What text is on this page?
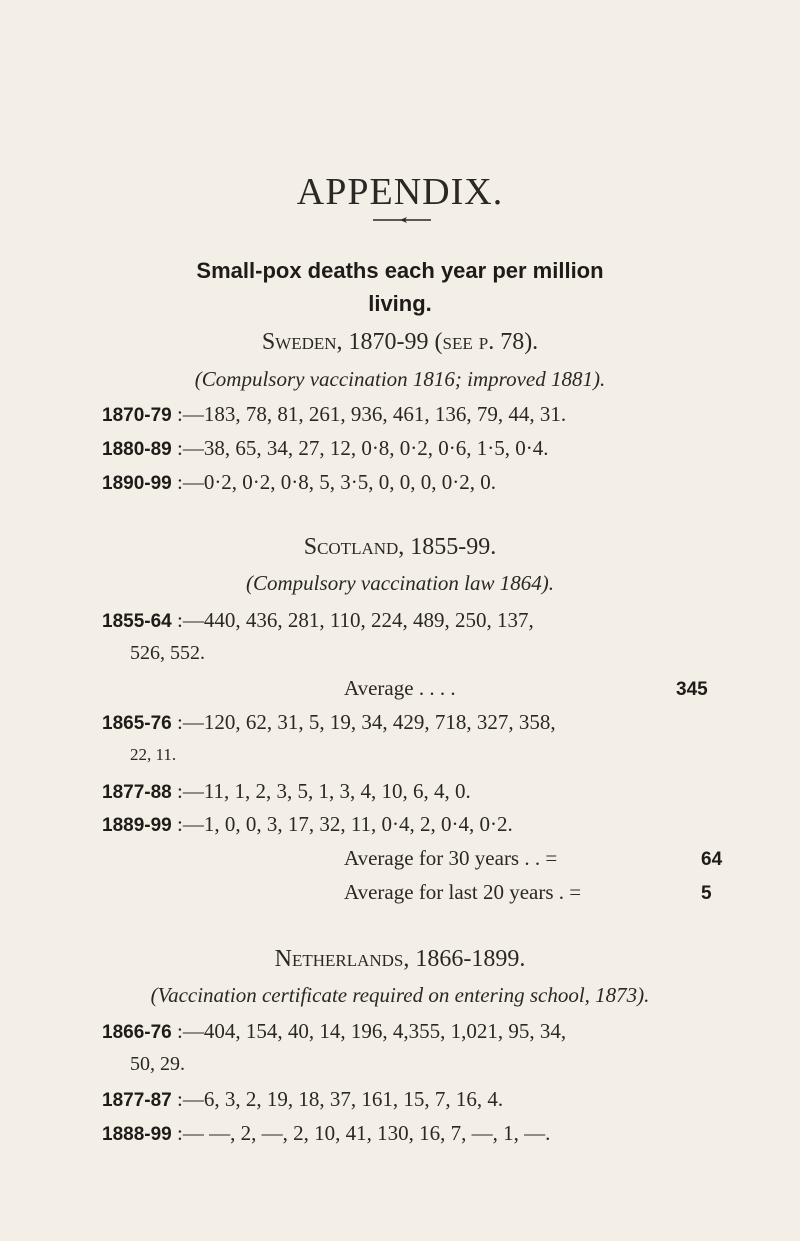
APPENDIX.
Small-pox deaths each year per million
living.
Sweden, 1870-99 (see p. 78).
(Compulsory vaccination 1816; improved 1881).
1870-79 :—183, 78, 81, 261, 936, 461, 136, 79, 44, 31.
1880-89 :—38, 65, 34, 27, 12, 0·8, 0·2, 0·6, 1·5, 0·4.
1890-99 :—0·2, 0·2, 0·8, 5, 3·5, 0, 0, 0, 0·2, 0.
Scotland, 1855-99.
(Compulsory vaccination law 1864).
1855-64 :—440, 436, 281, 110, 224, 489, 250, 137,
526, 552.
Average . . . .	345
1865-76 :—120, 62, 31, 5, 19, 34, 429, 718, 327, 358,
22, 11.
1877-88 :—11, 1, 2, 3, 5, 1, 3, 4, 10, 6, 4, 0.
1889-99 :—1, 0, 0, 3, 17, 32, 11, 0·4, 2, 0·4, 0·2.
Average for 30 years . . =	64
Average for last 20 years . =	5
Netherlands, 1866-1899.
(Vaccination certificate required on entering school, 1873).
1866-76 :—404, 154, 40, 14, 196, 4,355, 1,021, 95, 34,
50, 29.
1877-87 :—6, 3, 2, 19, 18, 37, 161, 15, 7, 16, 4.
1888-99 :— —, 2, —, 2, 10, 41, 130, 16, 7, —, 1, —.
